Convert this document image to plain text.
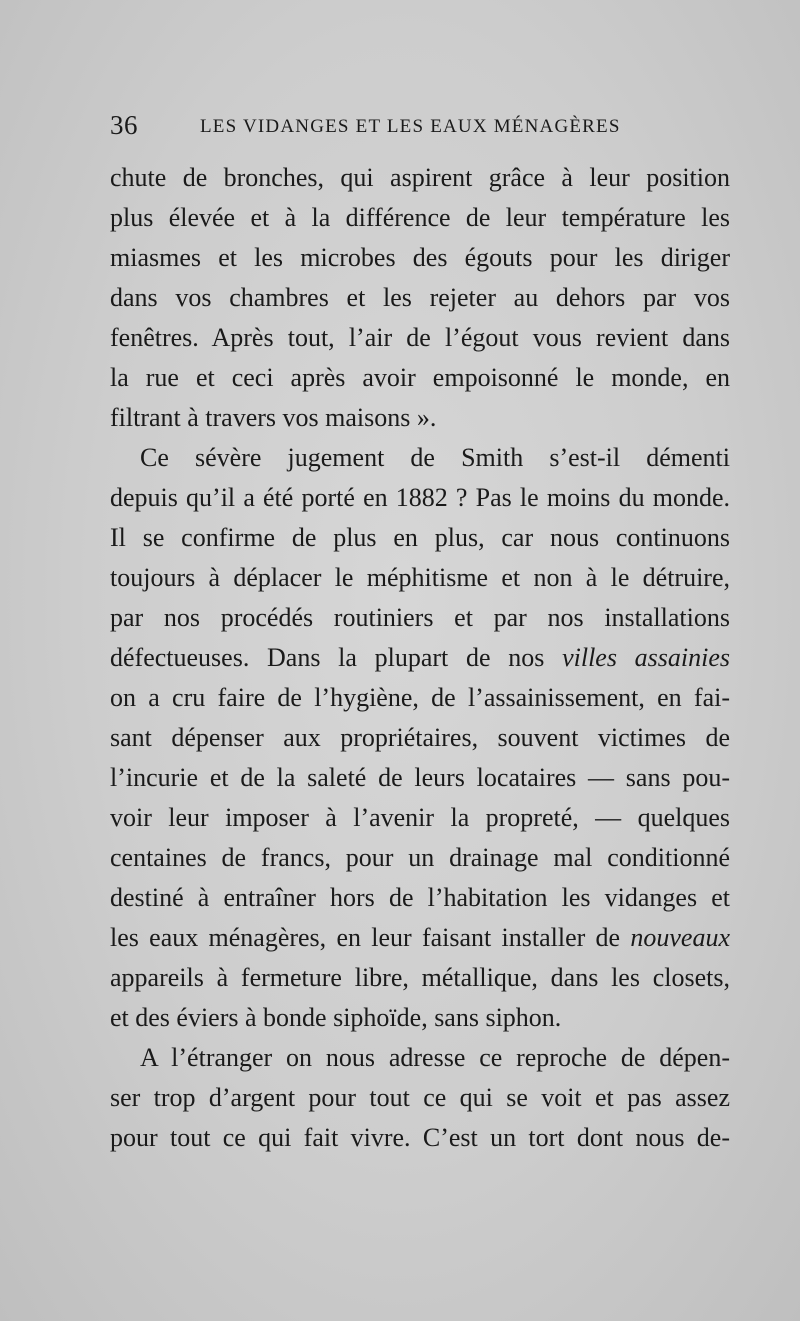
36	LES VIDANGES ET LES EAUX MÉNAGÈRES
chute de bronches, qui aspirent grâce à leur position
plus élevée et à la différence de leur température les
miasmes et les microbes des égouts pour les diriger
dans vos chambres et les rejeter au dehors par vos
fenêtres. Après tout, l’air de l’égout vous revient dans
la rue et ceci après avoir empoisonné le monde, en
filtrant à travers vos maisons ».
Ce sévère jugement de Smith s’est-il démenti
depuis qu’il a été porté en 1882 ? Pas le moins du monde.
Il se confirme de plus en plus, car nous continuons
toujours à déplacer le méphitisme et non à le détruire,
par nos procédés routiniers et par nos installations
défectueuses. Dans la plupart de nos villes assainies
on a cru faire de l’hygiène, de l’assainissement, en fai-
sant dépenser aux propriétaires, souvent victimes de
l’incurie et de la saleté de leurs locataires — sans pou-
voir leur imposer à l’avenir la propreté, — quelques
centaines de francs, pour un drainage mal conditionné
destiné à entraîner hors de l’habitation les vidanges et
les eaux ménagères, en leur faisant installer de nouveaux
appareils à fermeture libre, métallique, dans les closets,
et des éviers à bonde siphoïde, sans siphon.
A l’étranger on nous adresse ce reproche de dépen-
ser trop d’argent pour tout ce qui se voit et pas assez
pour tout ce qui fait vivre. C’est un tort dont nous de-
